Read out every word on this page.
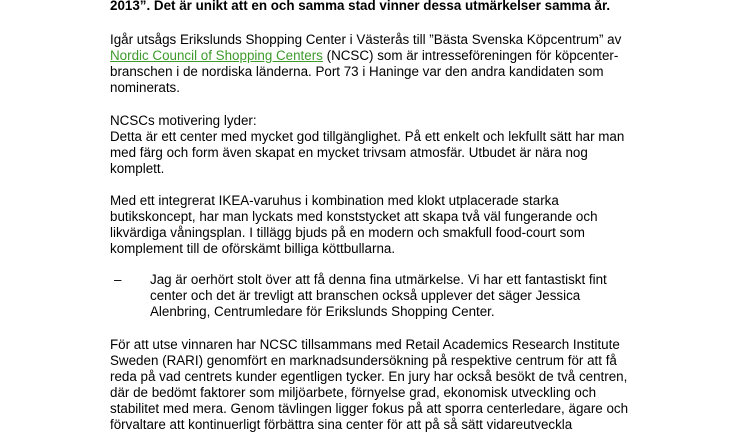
2013”. Det är unikt att en och samma stad vinner dessa utmärkelser samma år.

Igår utsågs Erikslunds Shopping Center i Västerås till ”Bästa Svenska Köpcentrum” av

Nordic Council of Shopping Centers (NCSC) som är intresseföreningen för köpcenter-

branschen i de nordiska länderna. Port 73 i Haninge var den andra kandidaten som

nominerats.

NCSCs motivering lyder:

Detta är ett center med mycket god tillgänglighet. På ett enkelt och lekfullt sätt har man

med färg och form även skapat en mycket trivsam atmosfär. Utbudet är nära nog

komplett.

Med ett integrerat IKEA-varuhus i kombination med klokt utplacerade starka

butikskoncept, har man lyckats med konststycket att skapa två väl fungerande och

likvärdiga våningsplan. I tillägg bjuds på en modern och smakfull food-court som

komplement till de oförskämt billiga köttbullarna.

– Jag är oerhört stolt över att få denna fina utmärkelse. Vi har ett fantastiskt fint

center och det är trevligt att branschen också upplever det säger Jessica

Alenbring, Centrumledare för Erikslunds Shopping Center.

För att utse vinnaren har NCSC tillsammans med Retail Academics Research Institute

Sweden (RARI) genomfört en marknadsundersökning på respektive centrum för att få

reda på vad centrets kunder egentligen tycker. En jury har också besökt de två centren,

där de bedömt faktorer som miljöarbete, förnyelse grad, ekonomisk utveckling och

stabilitet med mera. Genom tävlingen ligger fokus på att sporra centerledare, ägare och

förvaltare att kontinuerligt förbättra sina center för att på så sätt vidareutveckla
